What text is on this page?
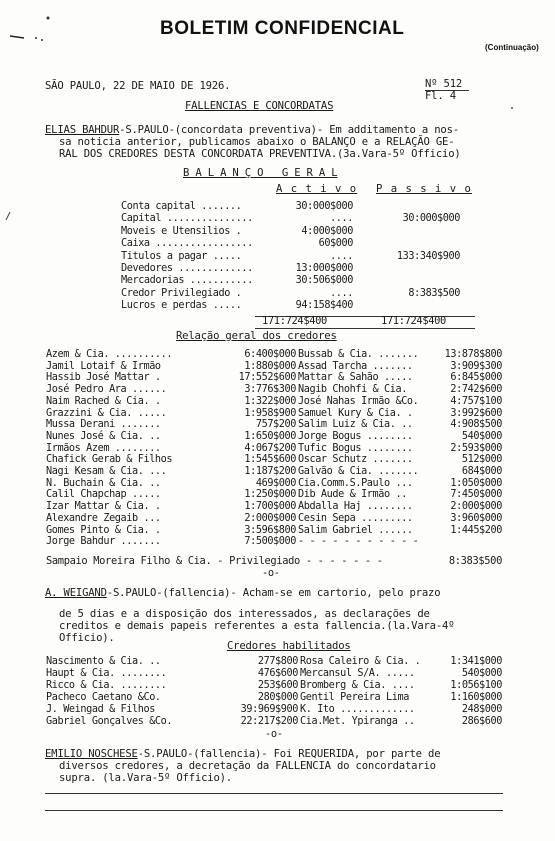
BOLETIM CONFIDENCIAL
(Continuação)
SÃO PAULO, 22 DE MAIO DE 1926.	Nº 512
Fl. 4
FALLENCIAS E CONCORDATAS
ELIAS BAHDUR-S.PAULO-(concordata preventiva)- Em additamento a nos-
sa noticia anterior, publicamos abaixo o BALANÇO e a RELAÇÃO GE-
RAL DOS CREDORES DESTA CONCORDATA PREVENTIVA.(3a.Vara-5º Officio)
B A L A N Ç O   G E R A L
A c t i v o P a s s i v o
Conta capital .......	30:000$000
Capital ...............	....	30:000$000
Moveis e Utensilios .	4:000$000
Caixa .................	60$000
Titulos a pagar .....	....	133:340$900
Devedores .............	13:000$000
Mercadorias ...........	30:506$000
Credor Privilegiado .	....	8:383$500
Lucros e perdas .....	94:158$400
171:724$400	171:724$400
Relação geral dos credores
Azem & Cia. ..........	6:400$000 Bussab & Cia. .......	13:878$800
Jamil Lotaif & Irmão	1:880$000 Assad Tarcha .......	3:909$300
Hassib José Mattar .	17:552$600 Mattar & Sahão .....	6:845$000
José Pedro Ara ......	3:776$300 Nagib Chohfi & Cia.	2:742$600
Naim Rached & Cia. .	1:322$000 José Nahas Irmão &Co.	4:757$100
Grazzini & Cia. .....	1:958$900 Samuel Kury & Cia. .	3:992$600
Mussa Derani .......	757$200 Salim Luiz & Cia. ..	4:908$500
Nunes José & Cia. ..	1:650$000 Jorge Bogus ........	540$000
Irmãos Azem ........	4:067$200 Tufic Bogus ........	2:593$000
Chafick Gerab & Filhos	1:545$600 Oscar Schutz .......	512$000
Nagi Kesam & Cia. ...	1:187$200 Galvão & Cia. .......	684$000
N. Buchain & Cia. ..	469$000 Cia.Comm.S.Paulo ...	1:050$000
Calil Chapchap .....	1:250$000 Dib Aude & Irmão ..	7:450$000
Izar Mattar & Cia. .	1:700$000 Abdalla Haj ........	2:000$000
Alexandre Zegaib ...	2:000$000 Cesin Sepa .........	3:960$000
Gomes Pinto & Cia. .	3:596$800 Salim Gabriel ......	1:445$200
Jorge Bahdur .......	7:500$000 - - - - - - - - - - -
Sampaio Moreira Filho & Cia. - Privilegiado - - - - - - -	8:383$500
-o-
A. WEIGAND-S.PAULO-(fallencia)- Acham-se em cartorio, pelo prazo
de 5 dias e a disposição dos interessados, as declarações de
creditos e demais papeis referentes a esta fallencia.(la.Vara-4º
Officio).
Credores habilitados
Nascimento & Cia. ..	277$800 Rosa Caleiro & Cia. .	1:341$000
Haupt & Cia. ........	476$600 Mercansul S/A. .....	540$000
Ricco & Cia. ........	253$600 Bromberg & Cia. ....	1:056$100
Pacheco Caetano &Co.	280$000 Gentil Pereira Lima	1:160$000
J. Weingad & Filhos	39:969$900 K. Ito .............	248$000
Gabriel Gonçalves &Co.	22:217$200 Cia.Met. Ypiranga ..	286$600
-o-
EMILIO NOSCHESE-S.PAULO-(fallencia)- Foi REQUERIDA, por parte de
diversos credores, a decretação da FALLENCIA do concordatario
supra. (la.Vara-5º Officio).
